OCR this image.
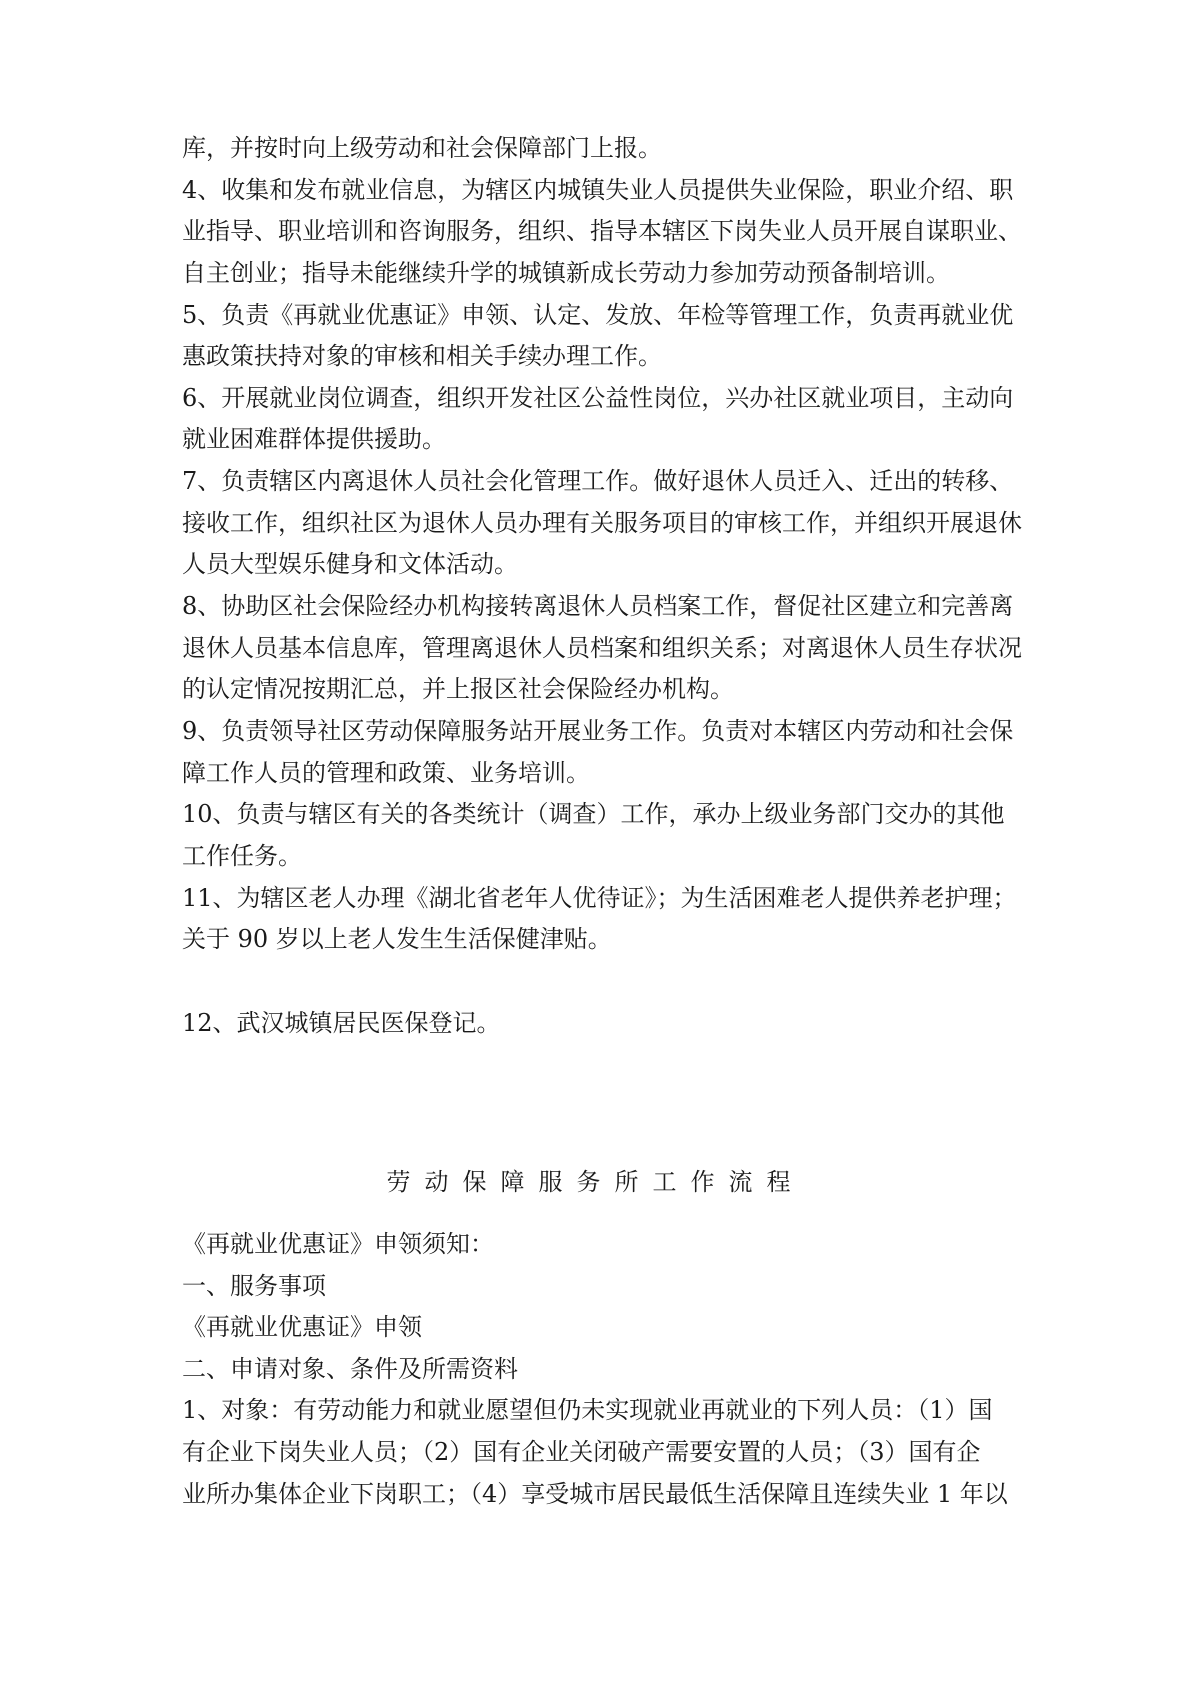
库，并按时向上级劳动和社会保障部门上报。
4、收集和发布就业信息，为辖区内城镇失业人员提供失业保险，职业介绍、职
业指导、职业培训和咨询服务，组织、指导本辖区下岗失业人员开展自谋职业、
自主创业；指导未能继续升学的城镇新成长劳动力参加劳动预备制培训。
5、负责《再就业优惠证》申领、认定、发放、年检等管理工作，负责再就业优
惠政策扶持对象的审核和相关手续办理工作。
6、开展就业岗位调查，组织开发社区公益性岗位，兴办社区就业项目，主动向
就业困难群体提供援助。
7、负责辖区内离退休人员社会化管理工作。做好退休人员迁入、迁出的转移、
接收工作，组织社区为退休人员办理有关服务项目的审核工作，并组织开展退休
人员大型娱乐健身和文体活动。
8、协助区社会保险经办机构接转离退休人员档案工作，督促社区建立和完善离
退休人员基本信息库，管理离退休人员档案和组织关系；对离退休人员生存状况
的认定情况按期汇总，并上报区社会保险经办机构。
9、负责领导社区劳动保障服务站开展业务工作。负责对本辖区内劳动和社会保
障工作人员的管理和政策、业务培训。
10、负责与辖区有关的各类统计（调查）工作，承办上级业务部门交办的其他
工作任务。
11、为辖区老人办理《湖北省老年人优待证》；为生活困难老人提供养老护理；
关于 90 岁以上老人发生生活保健津贴。
12、武汉城镇居民医保登记。
劳动保障服务所工作流程
《再就业优惠证》申领须知：
一、服务事项
《再就业优惠证》申领
二、申请对象、条件及所需资料
1、对象：有劳动能力和就业愿望但仍未实现就业再就业的下列人员：（1）国
有企业下岗失业人员；（2）国有企业关闭破产需要安置的人员；（3）国有企
业所办集体企业下岗职工；（4）享受城市居民最低生活保障且连续失业 1 年以
